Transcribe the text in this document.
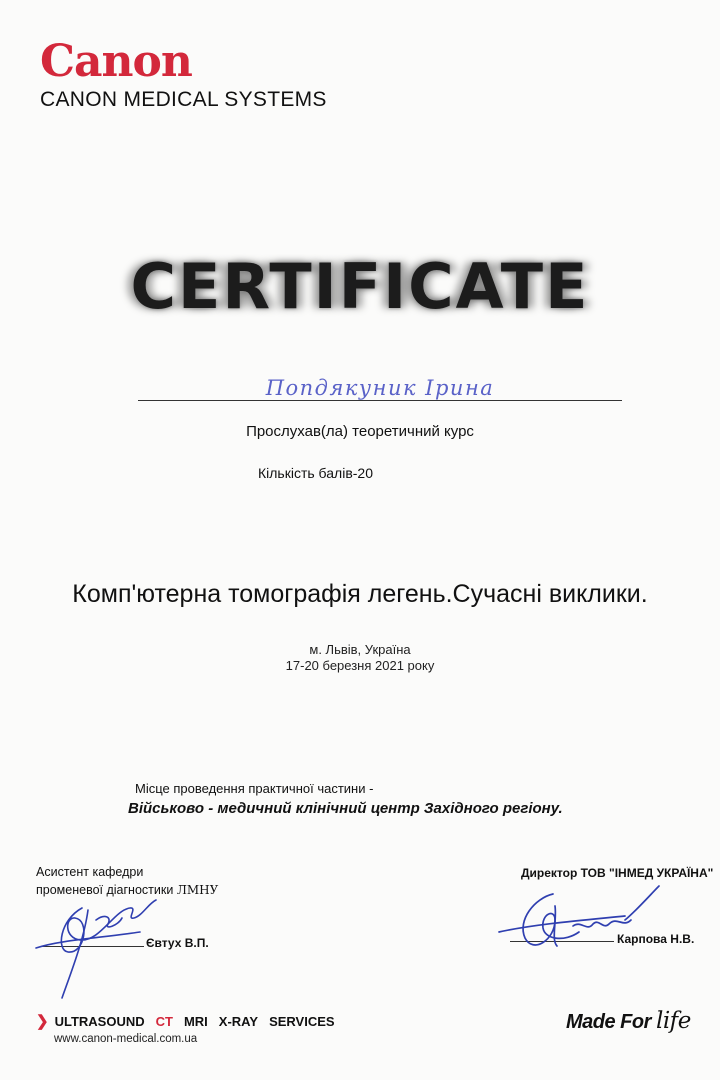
Canon
CANON MEDICAL SYSTEMS
CERTIFICATE
Попдякуник Ірина
Прослухав(ла) теоретичний курс
Кількість балів-20
Комп'ютерна томографія легень.Сучасні виклики.
м. Львів, Україна
17-20 березня 2021 року
Місце проведення практичної частини -
Військово - медичний клінічний центр Західного регіону.
Асистент кафедри
променевої діагностики ЛМНУ
Євтух В.П.
Директор ТОВ "ІНМЕД УКРАЇНА"
Карпова Н.В.
❯ ULTRASOUND CT MRI X-RAY SERVICES
www.canon-medical.com.ua
Made For life
